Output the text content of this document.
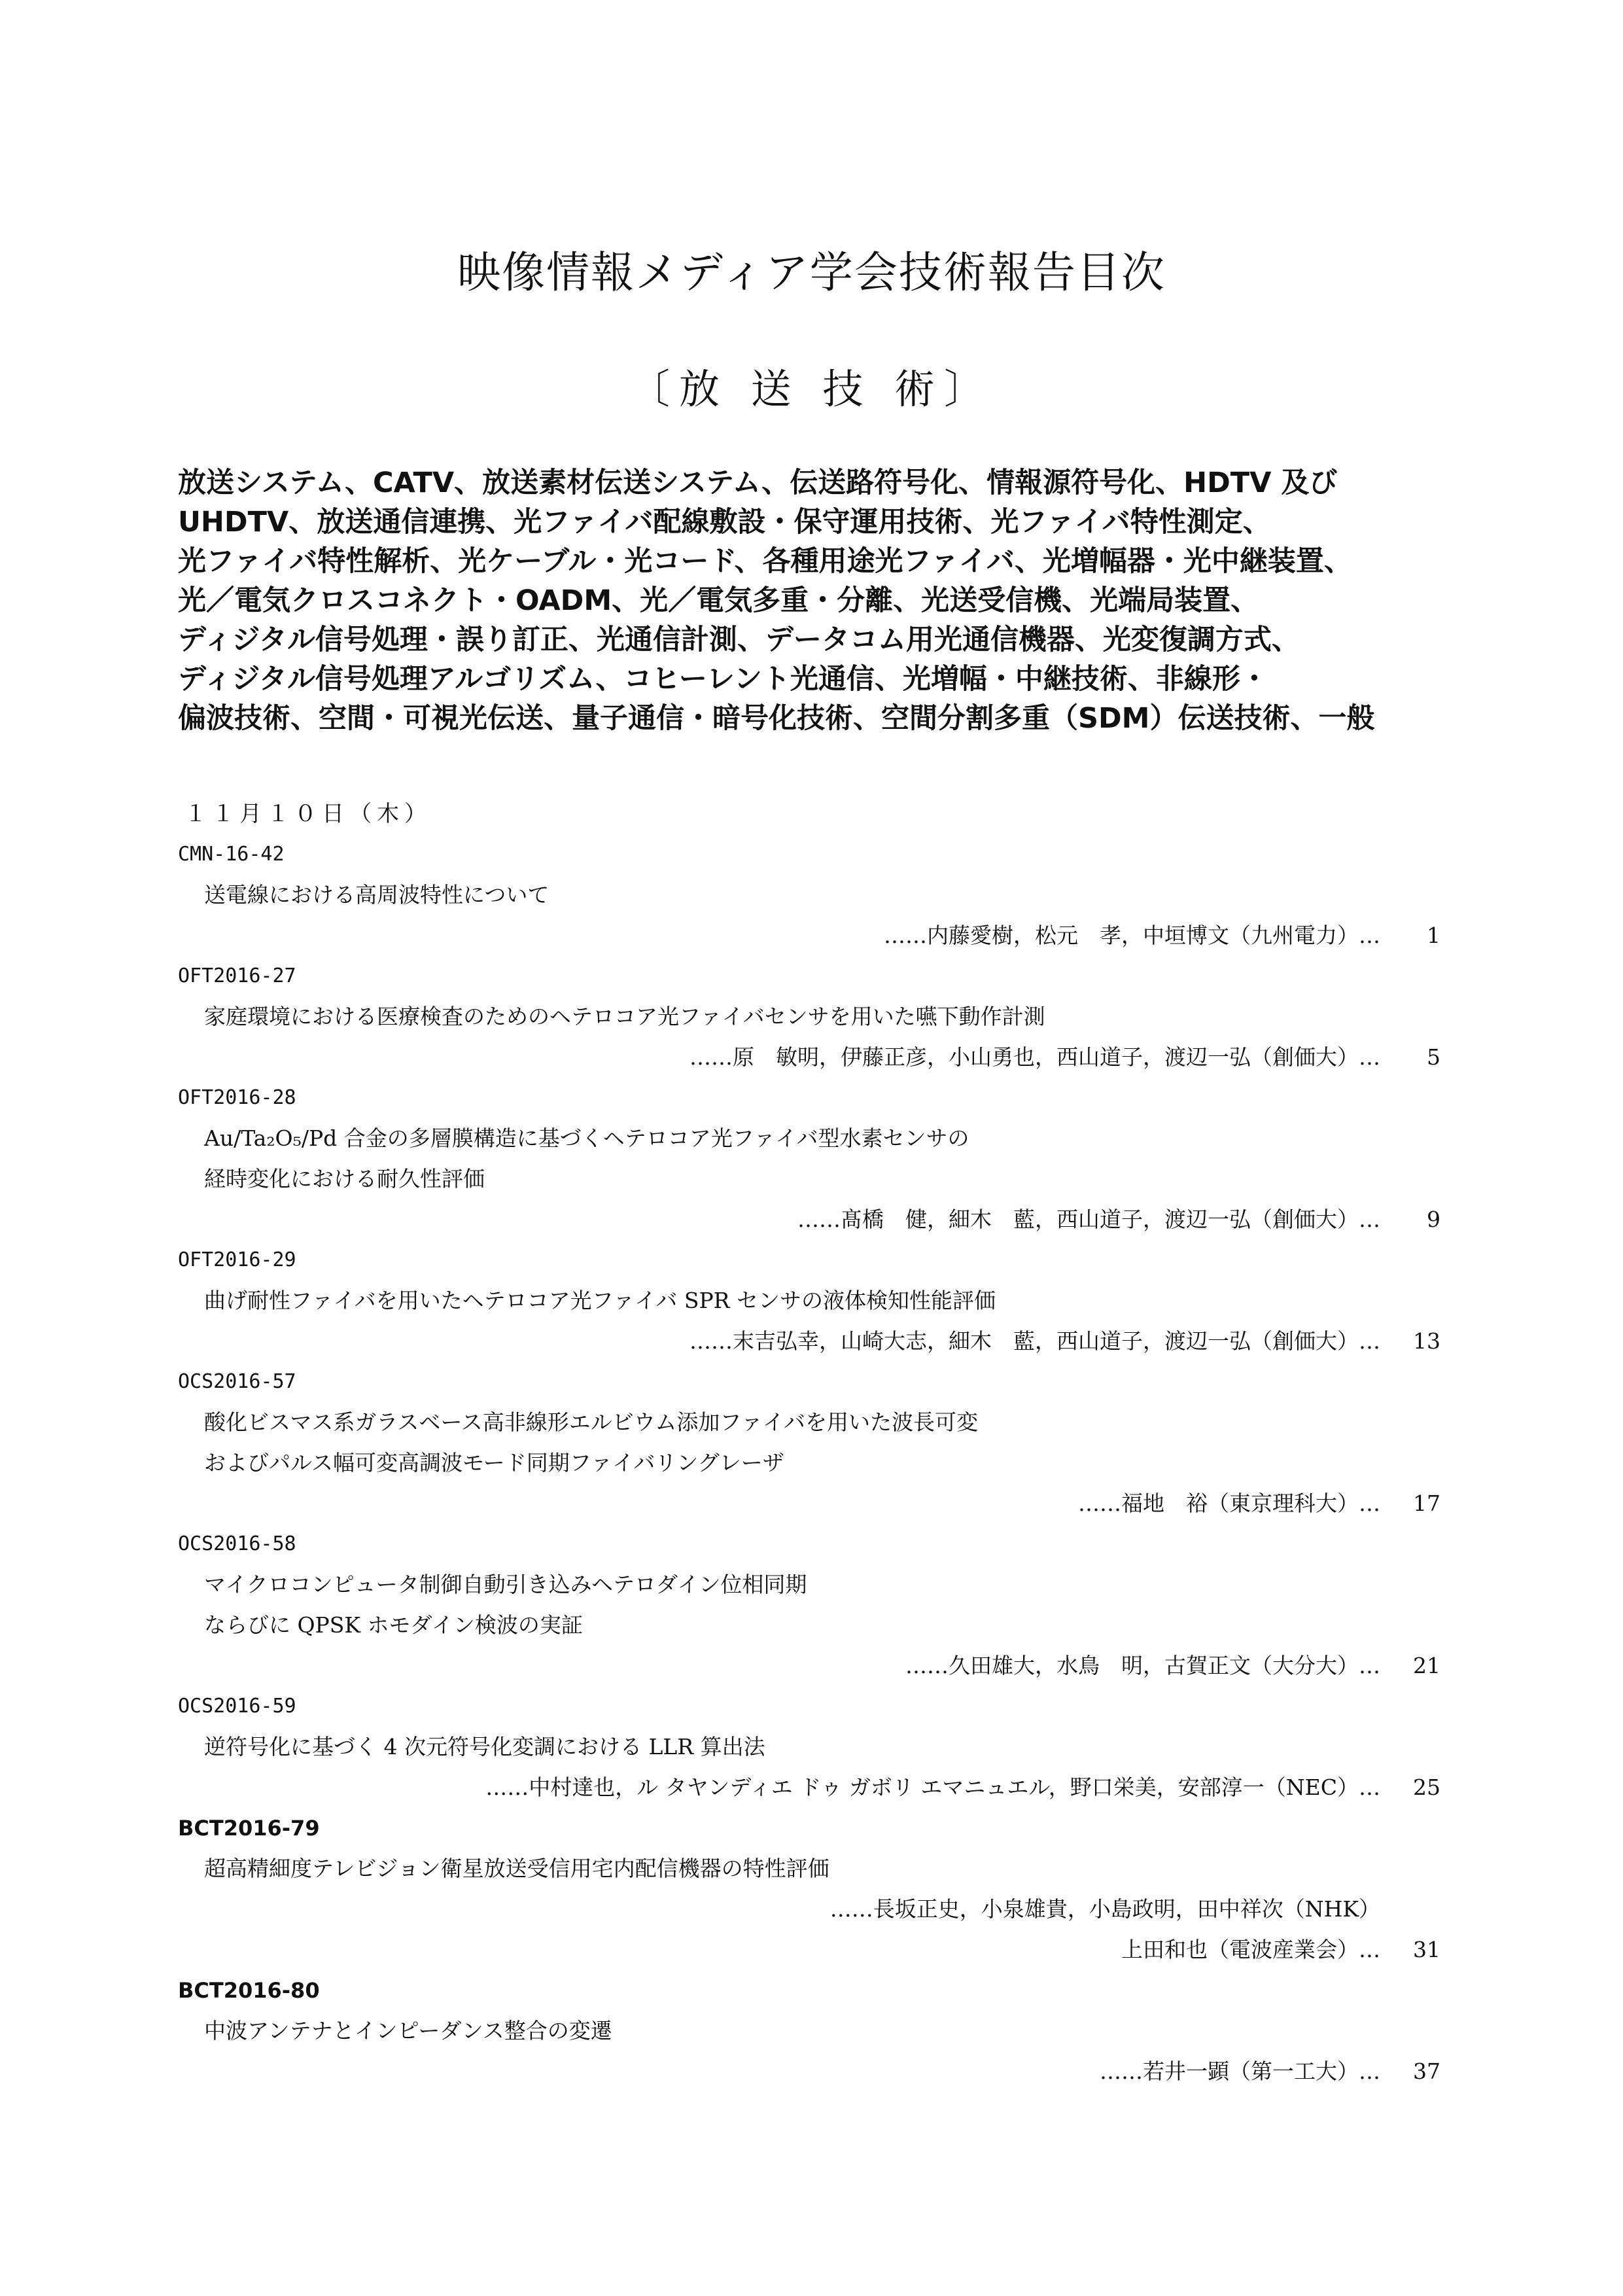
映像情報メディア学会技術報告目次
〔放 送 技 術〕
放送システム、CATV、放送素材伝送システム、伝送路符号化、情報源符号化、HDTV 及び
UHDTV、放送通信連携、光ファイバ配線敷設・保守運用技術、光ファイバ特性測定、
光ファイバ特性解析、光ケーブル・光コード、各種用途光ファイバ、光増幅器・光中継装置、
光／電気クロスコネクト・OADM、光／電気多重・分離、光送受信機、光端局装置、
ディジタル信号処理・誤り訂正、光通信計測、データコム用光通信機器、光変復調方式、
ディジタル信号処理アルゴリズム、コヒーレント光通信、光増幅・中継技術、非線形・
偏波技術、空間・可視光伝送、量子通信・暗号化技術、空間分割多重（SDM）伝送技術、一般
１１月１０日（木）
CMN-16-42
送電線における高周波特性について
……内藤愛樹，松元　孝，中垣博文（九州電力）…	1
OFT2016-27
家庭環境における医療検査のためのヘテロコア光ファイバセンサを用いた嚥下動作計測
……原　敏明，伊藤正彦，小山勇也，西山道子，渡辺一弘（創価大）…	5
OFT2016-28
Au/Ta₂O₅/Pd 合金の多層膜構造に基づくヘテロコア光ファイバ型水素センサの
経時変化における耐久性評価
……髙橋　健，細木　藍，西山道子，渡辺一弘（創価大）…	9
OFT2016-29
曲げ耐性ファイバを用いたヘテロコア光ファイバ SPR センサの液体検知性能評価
……末吉弘幸，山崎大志，細木　藍，西山道子，渡辺一弘（創価大）…	13
OCS2016-57
酸化ビスマス系ガラスベース高非線形エルビウム添加ファイバを用いた波長可変
およびパルス幅可変高調波モード同期ファイバリングレーザ
……福地　裕（東京理科大）…	17
OCS2016-58
マイクロコンピュータ制御自動引き込みヘテロダイン位相同期
ならびに QPSK ホモダイン検波の実証
……久田雄大，水鳥　明，古賀正文（大分大）…	21
OCS2016-59
逆符号化に基づく 4 次元符号化変調における LLR 算出法
……中村達也，ル タヤンディエ ドゥ ガボリ エマニュエル，野口栄美，安部淳一（NEC）…	25
BCT2016-79
超高精細度テレビジョン衛星放送受信用宅内配信機器の特性評価
……長坂正史，小泉雄貴，小島政明，田中祥次（NHK）
上田和也（電波産業会）…	31
BCT2016-80
中波アンテナとインピーダンス整合の変遷
……若井一顕（第一工大）…	37
